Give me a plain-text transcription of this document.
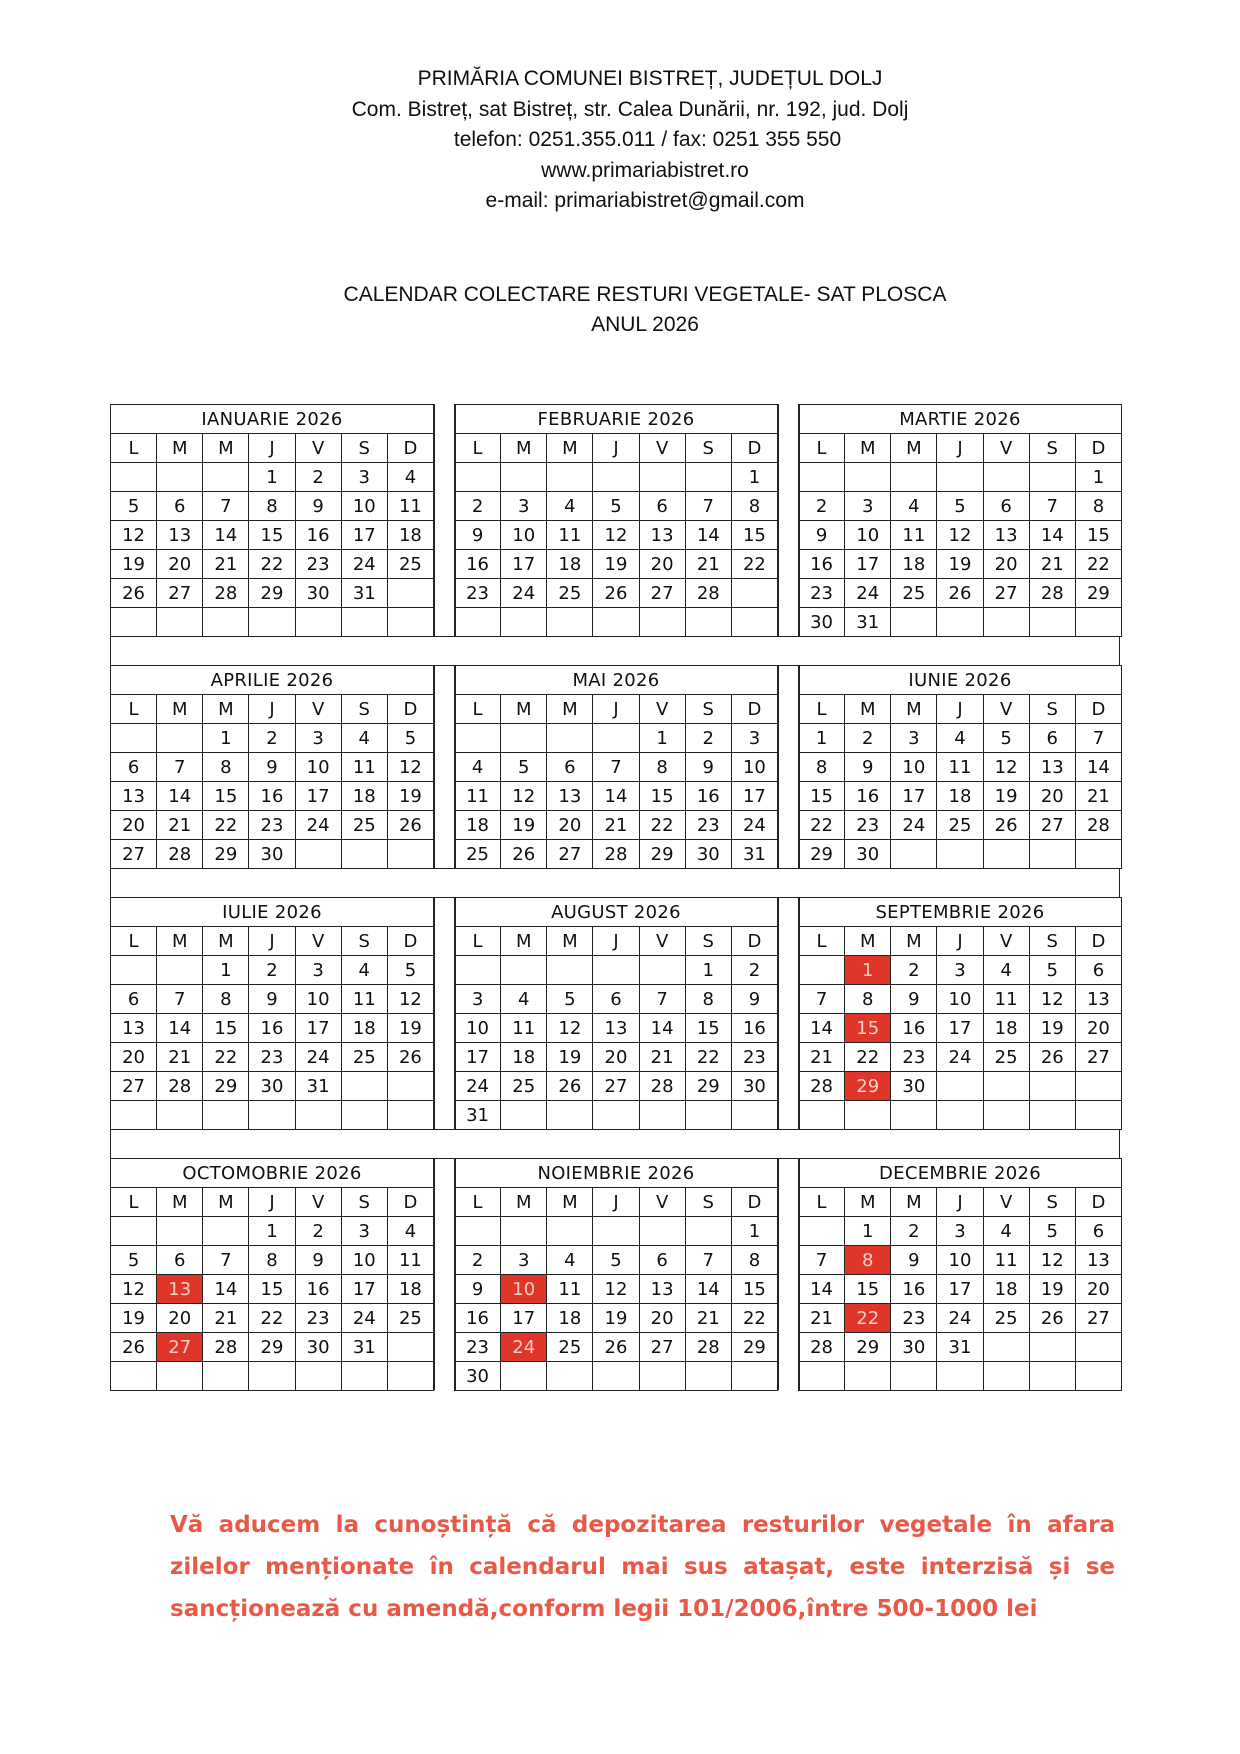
PRIMĂRIA COMUNEI BISTREȚ, JUDEȚUL DOLJ
Com. Bistreț, sat Bistreț, str. Calea Dunării, nr. 192, jud. Dolj
telefon: 0251.355.011 / fax: 0251 355 550
www.primariabistret.ro
e-mail: primariabistret@gmail.com
CALENDAR COLECTARE RESTURI VEGETALE- SAT PLOSCA
ANUL 2026
IANUARIE 2026						
L	M	M	J	V	S	D
			1	2	3	4
5	6	7	8	9	10	11
12	13	14	15	16	17	18
19	20	21	22	23	24	25
26	27	28	29	30	31	

FEBRUARIE 2026						
L	M	M	J	V	S	D
						1
2	3	4	5	6	7	8
9	10	11	12	13	14	15
16	17	18	19	20	21	22
23	24	25	26	27	28	

MARTIE 2026						
L	M	M	J	V	S	D
						1
2	3	4	5	6	7	8
9	10	11	12	13	14	15
16	17	18	19	20	21	22
23	24	25	26	27	28	29
30	31					
APRILIE 2026						
L	M	M	J	V	S	D
		1	2	3	4	5
6	7	8	9	10	11	12
13	14	15	16	17	18	19
20	21	22	23	24	25	26
27	28	29	30			
MAI 2026						
L	M	M	J	V	S	D
				1	2	3
4	5	6	7	8	9	10
11	12	13	14	15	16	17
18	19	20	21	22	23	24
25	26	27	28	29	30	31
IUNIE 2026						
L	M	M	J	V	S	D
1	2	3	4	5	6	7
8	9	10	11	12	13	14
15	16	17	18	19	20	21
22	23	24	25	26	27	28
29	30					
IULIE 2026						
L	M	M	J	V	S	D
		1	2	3	4	5
6	7	8	9	10	11	12
13	14	15	16	17	18	19
20	21	22	23	24	25	26
27	28	29	30	31		

AUGUST 2026						
L	M	M	J	V	S	D
					1	2
3	4	5	6	7	8	9
10	11	12	13	14	15	16
17	18	19	20	21	22	23
24	25	26	27	28	29	30
31						
SEPTEMBRIE 2026						
L	M	M	J	V	S	D
	1	2	3	4	5	6
7	8	9	10	11	12	13
14	15	16	17	18	19	20
21	22	23	24	25	26	27
28	29	30				

OCTOMOBRIE 2026						
L	M	M	J	V	S	D
			1	2	3	4
5	6	7	8	9	10	11
12	13	14	15	16	17	18
19	20	21	22	23	24	25
26	27	28	29	30	31	

NOIEMBRIE 2026						
L	M	M	J	V	S	D
						1
2	3	4	5	6	7	8
9	10	11	12	13	14	15
16	17	18	19	20	21	22
23	24	25	26	27	28	29
30						
DECEMBRIE 2026						
L	M	M	J	V	S	D
	1	2	3	4	5	6
7	8	9	10	11	12	13
14	15	16	17	18	19	20
21	22	23	24	25	26	27
28	29	30	31			

Vă aducem la cunoștință că depozitarea resturilor vegetale în afara zilelor menționate în calendarul mai sus atașat, este interzisă și se sancționează cu amendă,conform legii 101/2006,între 500-1000 lei
